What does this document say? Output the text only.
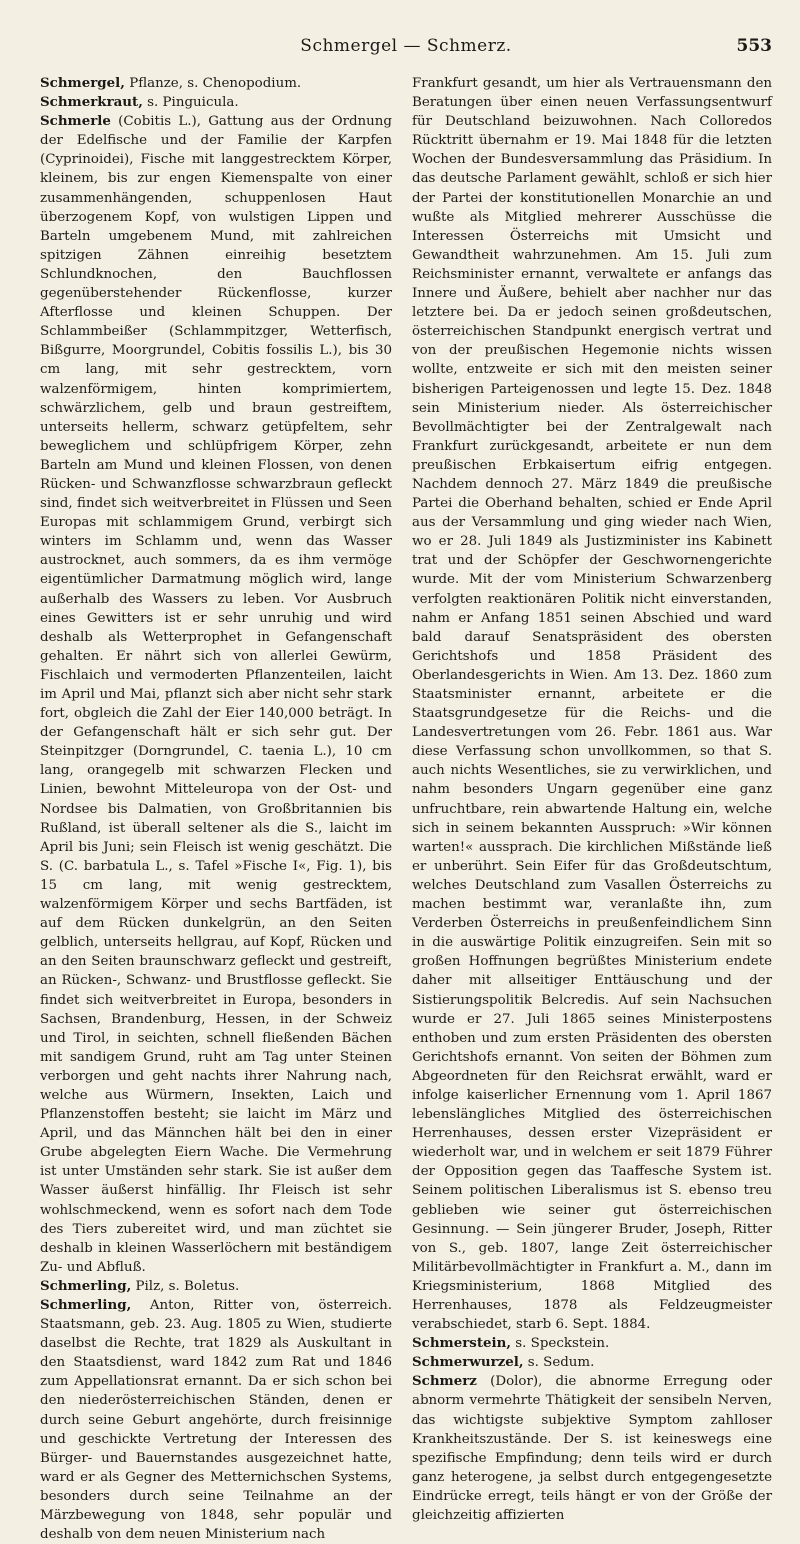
Schmergel — Schmerz.	553

Schmergel, Pflanze, s. Chenopodium.

Schmerkraut, s. Pinguicula.

Schmerle (Cobitis L.), Gattung aus der Ordnung der Edelfische und der Familie der Karpfen (Cyprinoidei), Fische mit langgestrecktem Körper, kleinem, bis zur engen Kiemenspalte von einer zusammenhängenden, schuppenlosen Haut überzogenem Kopf, von wulstigen Lippen und Barteln umgebenem Mund, mit zahlreichen spitzigen Zähnen einreihig besetztem Schlundknochen, den Bauchflossen gegenüberstehender Rückenflosse, kurzer Afterflosse und kleinen Schuppen. Der Schlammbeißer (Schlammpitzger, Wetterfisch, Bißgurre, Moorgrundel, Cobitis fossilis L.), bis 30 cm lang, mit sehr gestrecktem, vorn walzenförmigem, hinten komprimiertem, schwärzlichem, gelb und braun gestreiftem, unterseits hellerm, schwarz getüpfeltem, sehr beweglichem und schlüpfrigem Körper, zehn Barteln am Mund und kleinen Flossen, von denen Rücken- und Schwanzflosse schwarzbraun gefleckt sind, findet sich weitverbreitet in Flüssen und Seen Europas mit schlammigem Grund, verbirgt sich winters im Schlamm und, wenn das Wasser austrocknet, auch sommers, da es ihm vermöge eigentümlicher Darmatmung möglich wird, lange außerhalb des Wassers zu leben. Vor Ausbruch eines Gewitters ist er sehr unruhig und wird deshalb als Wetterprophet in Gefangenschaft gehalten. Er nährt sich von allerlei Gewürm, Fischlaich und vermoderten Pflanzenteilen, laicht im April und Mai, pflanzt sich aber nicht sehr stark fort, obgleich die Zahl der Eier 140,000 beträgt. In der Gefangenschaft hält er sich sehr gut. Der Steinpitzger (Dorngrundel, C. taenia L.), 10 cm lang, orangegelb mit schwarzen Flecken und Linien, bewohnt Mitteleuropa von der Ost- und Nordsee bis Dalmatien, von Großbritannien bis Rußland, ist überall seltener als die S., laicht im April bis Juni; sein Fleisch ist wenig geschätzt. Die S. (C. barbatula L., s. Tafel »Fische I«, Fig. 1), bis 15 cm lang, mit wenig gestrecktem, walzenförmigem Körper und sechs Bartfäden, ist auf dem Rücken dunkelgrün, an den Seiten gelblich, unterseits hellgrau, auf Kopf, Rücken und an den Seiten braunschwarz gefleckt und gestreift, an Rücken-, Schwanz- und Brustflosse gefleckt. Sie findet sich weitverbreitet in Europa, besonders in Sachsen, Brandenburg, Hessen, in der Schweiz und Tirol, in seichten, schnell fließenden Bächen mit sandigem Grund, ruht am Tag unter Steinen verborgen und geht nachts ihrer Nahrung nach, welche aus Würmern, Insekten, Laich und Pflanzenstoffen besteht; sie laicht im März und April, und das Männchen hält bei den in einer Grube abgelegten Eiern Wache. Die Vermehrung ist unter Umständen sehr stark. Sie ist außer dem Wasser äußerst hinfällig. Ihr Fleisch ist sehr wohlschmeckend, wenn es sofort nach dem Tode des Tiers zubereitet wird, und man züchtet sie deshalb in kleinen Wasserlöchern mit beständigem Zu- und Abfluß.

Schmerling, Pilz, s. Boletus.

Schmerling, Anton, Ritter von, österreich. Staatsmann, geb. 23. Aug. 1805 zu Wien, studierte daselbst die Rechte, trat 1829 als Auskultant in den Staatsdienst, ward 1842 zum Rat und 1846 zum Appellationsrat ernannt. Da er sich schon bei den niederösterreichischen Ständen, denen er durch seine Geburt angehörte, durch freisinnige und geschickte Vertretung der Interessen des Bürger- und Bauernstandes ausgezeichnet hatte, ward er als Gegner des Metternichschen Systems, besonders durch seine Teilnahme an der Märzbewegung von 1848, sehr populär und deshalb von dem neuen Ministerium nach

Frankfurt gesandt, um hier als Vertrauensmann den Beratungen über einen neuen Verfassungsentwurf für Deutschland beizuwohnen. Nach Colloredos Rücktritt übernahm er 19. Mai 1848 für die letzten Wochen der Bundesversammlung das Präsidium. In das deutsche Parlament gewählt, schloß er sich hier der Partei der konstitutionellen Monarchie an und wußte als Mitglied mehrerer Ausschüsse die Interessen Österreichs mit Umsicht und Gewandtheit wahrzunehmen. Am 15. Juli zum Reichsminister ernannt, verwaltete er anfangs das Innere und Äußere, behielt aber nachher nur das letztere bei. Da er jedoch seinen großdeutschen, österreichischen Standpunkt energisch vertrat und von der preußischen Hegemonie nichts wissen wollte, entzweite er sich mit den meisten seiner bisherigen Parteigenossen und legte 15. Dez. 1848 sein Ministerium nieder. Als österreichischer Bevollmächtigter bei der Zentralgewalt nach Frankfurt zurückgesandt, arbeitete er nun dem preußischen Erbkaisertum eifrig entgegen. Nachdem dennoch 27. März 1849 die preußische Partei die Oberhand behalten, schied er Ende April aus der Versammlung und ging wieder nach Wien, wo er 28. Juli 1849 als Justizminister ins Kabinett trat und der Schöpfer der Geschwornengerichte wurde. Mit der vom Ministerium Schwarzenberg verfolgten reaktionären Politik nicht einverstanden, nahm er Anfang 1851 seinen Abschied und ward bald darauf Senatspräsident des obersten Gerichtshofs und 1858 Präsident des Oberlandesgerichts in Wien. Am 13. Dez. 1860 zum Staatsminister ernannt, arbeitete er die Staatsgrundgesetze für die Reichs- und die Landesvertretungen vom 26. Febr. 1861 aus. War diese Verfassung schon unvollkommen, so that S. auch nichts Wesentliches, sie zu verwirklichen, und nahm besonders Ungarn gegenüber eine ganz unfruchtbare, rein abwartende Haltung ein, welche sich in seinem bekannten Ausspruch: »Wir können warten!« aussprach. Die kirchlichen Mißstände ließ er unberührt. Sein Eifer für das Großdeutschtum, welches Deutschland zum Vasallen Österreichs zu machen bestimmt war, veranlaßte ihn, zum Verderben Österreichs in preußenfeindlichem Sinn in die auswärtige Politik einzugreifen. Sein mit so großen Hoffnungen begrüßtes Ministerium endete daher mit allseitiger Enttäuschung und der Sistierungspolitik Belcredis. Auf sein Nachsuchen wurde er 27. Juli 1865 seines Ministerpostens enthoben und zum ersten Präsidenten des obersten Gerichtshofs ernannt. Von seiten der Böhmen zum Abgeordneten für den Reichsrat erwählt, ward er infolge kaiserlicher Ernennung vom 1. April 1867 lebenslängliches Mitglied des österreichischen Herrenhauses, dessen erster Vizepräsident er wiederholt war, und in welchem er seit 1879 Führer der Opposition gegen das Taaffesche System ist. Seinem politischen Liberalismus ist S. ebenso treu geblieben wie seiner gut österreichischen Gesinnung. — Sein jüngerer Bruder, Joseph, Ritter von S., geb. 1807, lange Zeit österreichischer Militärbevollmächtigter in Frankfurt a. M., dann im Kriegsministerium, 1868 Mitglied des Herrenhauses, 1878 als Feldzeugmeister verabschiedet, starb 6. Sept. 1884.

Schmerstein, s. Speckstein.

Schmerwurzel, s. Sedum.

Schmerz (Dolor), die abnorme Erregung oder abnorm vermehrte Thätigkeit der sensibeln Nerven, das wichtigste subjektive Symptom zahlloser Krankheitszustände. Der S. ist keineswegs eine spezifische Empfindung; denn teils wird er durch ganz heterogene, ja selbst durch entgegengesetzte Eindrücke erregt, teils hängt er von der Größe der gleichzeitig affizierten
